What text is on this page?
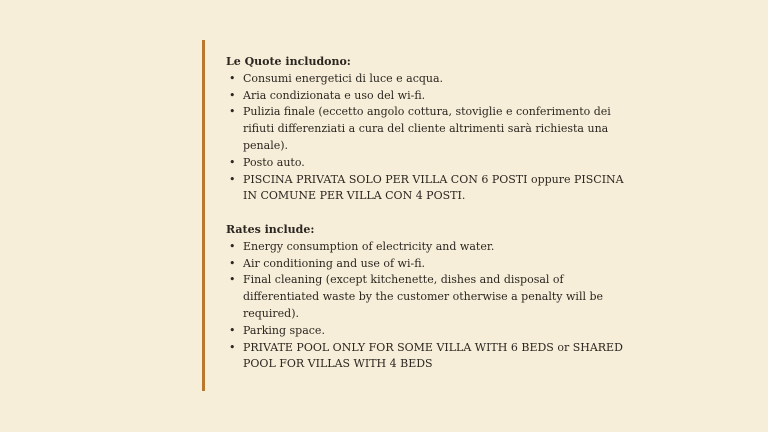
Le Quote includono:

• Consumi energetici di luce e acqua.
• Aria condizionata e uso del wi-fi.
• Pulizia finale (eccetto angolo cottura, stoviglie e conferimento dei rifiuti differenziati a cura del cliente altrimenti sarà richiesta una penale).
• Posto auto.
• PISCINA PRIVATA SOLO PER VILLA CON 6 POSTI oppure PISCINA IN COMUNE PER VILLA CON 4 POSTI.

Rates include:

• Energy consumption of electricity and water.
• Air conditioning and use of wi-fi.
• Final cleaning (except kitchenette, dishes and disposal of differentiated waste by the customer otherwise a penalty will be required).
• Parking space.
• PRIVATE POOL ONLY FOR SOME VILLA WITH 6 BEDS or SHARED POOL FOR VILLAS WITH 4 BEDS
